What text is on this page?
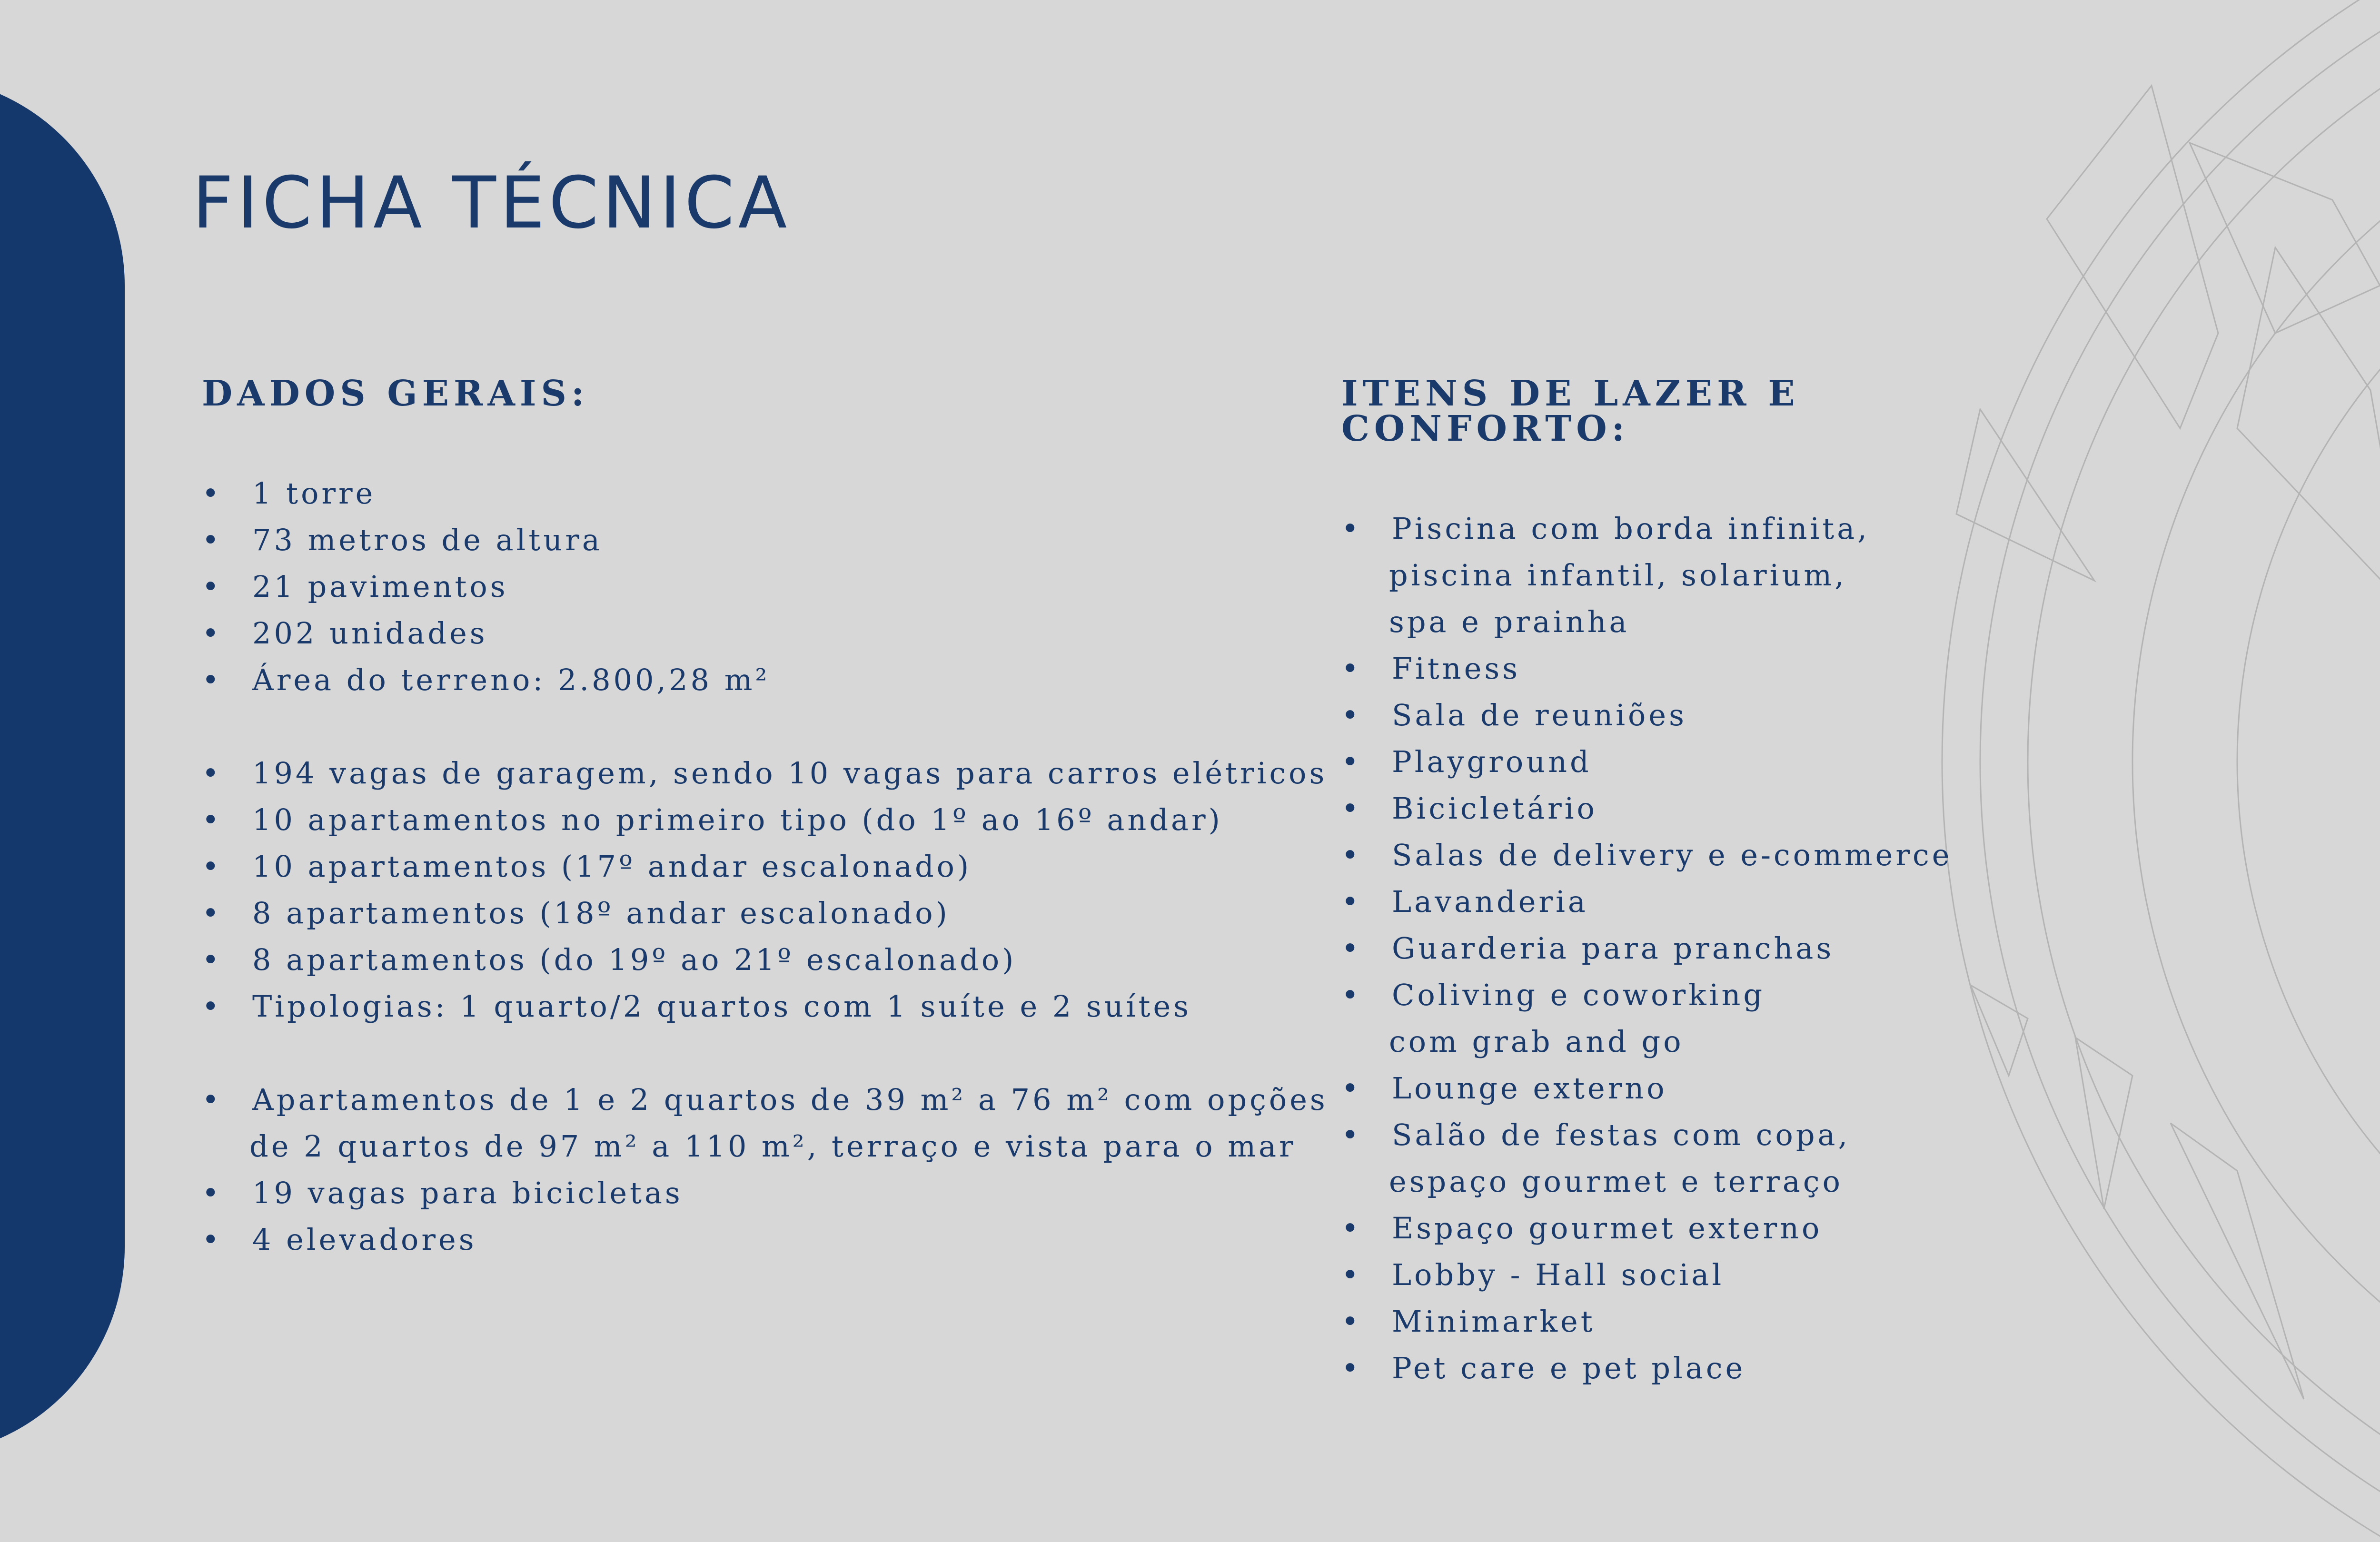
FICHA TÉCNICA
DADOS GERAIS:
• 1 torre
• 73 metros de altura
• 21 pavimentos
• 202 unidades
• Área do terreno: 2.800,28 m²
• 194 vagas de garagem, sendo 10 vagas para carros elétricos
• 10 apartamentos no primeiro tipo (do 1º ao 16º andar)
• 10 apartamentos (17º andar escalonado)
• 8 apartamentos (18º andar escalonado)
• 8 apartamentos (do 19º ao 21º escalonado)
• Tipologias: 1 quarto/2 quartos com 1 suíte e 2 suítes
• Apartamentos de 1 e 2 quartos de 39 m² a 76 m² com opções
de 2 quartos de 97 m² a 110 m², terraço e vista para o mar
• 19 vagas para bicicletas
• 4 elevadores
ITENS DE LAZER E CONFORTO:
• Piscina com borda infinita,
piscina infantil, solarium,
spa e prainha
• Fitness
• Sala de reuniões
• Playground
• Bicicletário
• Salas de delivery e e-commerce
• Lavanderia
• Guarderia para pranchas
• Coliving e coworking
com grab and go
• Lounge externo
• Salão de festas com copa,
espaço gourmet e terraço
• Espaço gourmet externo
• Lobby - Hall social
• Minimarket
• Pet care e pet place
